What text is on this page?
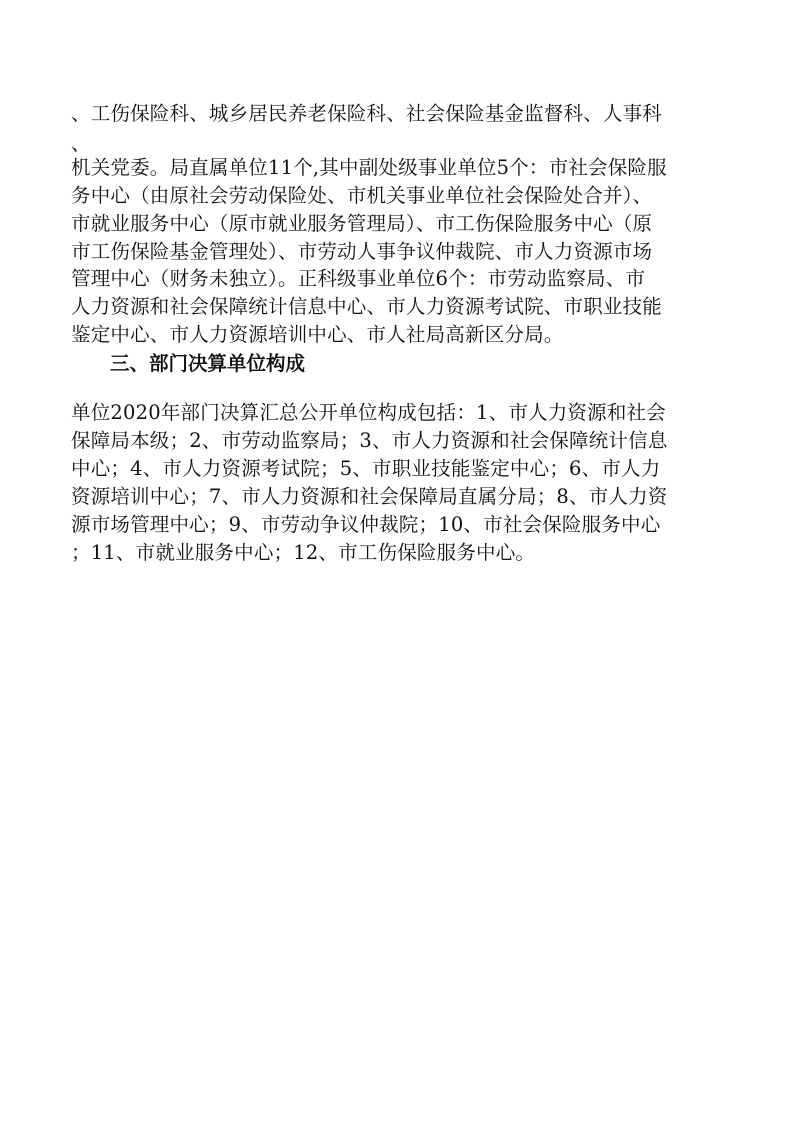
、工伤保险科、城乡居民养老保险科、社会保险基金监督科、人事科
、
机关党委。局直属单位11个,其中副处级事业单位5个：市社会保险服
务中心（由原社会劳动保险处、市机关事业单位社会保险处合并）、
市就业服务中心（原市就业服务管理局）、市工伤保险服务中心（原
市工伤保险基金管理处）、市劳动人事争议仲裁院、市人力资源市场
管理中心（财务未独立）。正科级事业单位6个：市劳动监察局、市
人力资源和社会保障统计信息中心、市人力资源考试院、市职业技能
鉴定中心、市人力资源培训中心、市人社局高新区分局。
三、部门决算单位构成
单位2020年部门决算汇总公开单位构成包括：1、市人力资源和社会
保障局本级；2、市劳动监察局；3、市人力资源和社会保障统计信息
中心；4、市人力资源考试院；5、市职业技能鉴定中心；6、市人力
资源培训中心；7、市人力资源和社会保障局直属分局；8、市人力资
源市场管理中心；9、市劳动争议仲裁院；10、市社会保险服务中心
；11、市就业服务中心；12、市工伤保险服务中心。
